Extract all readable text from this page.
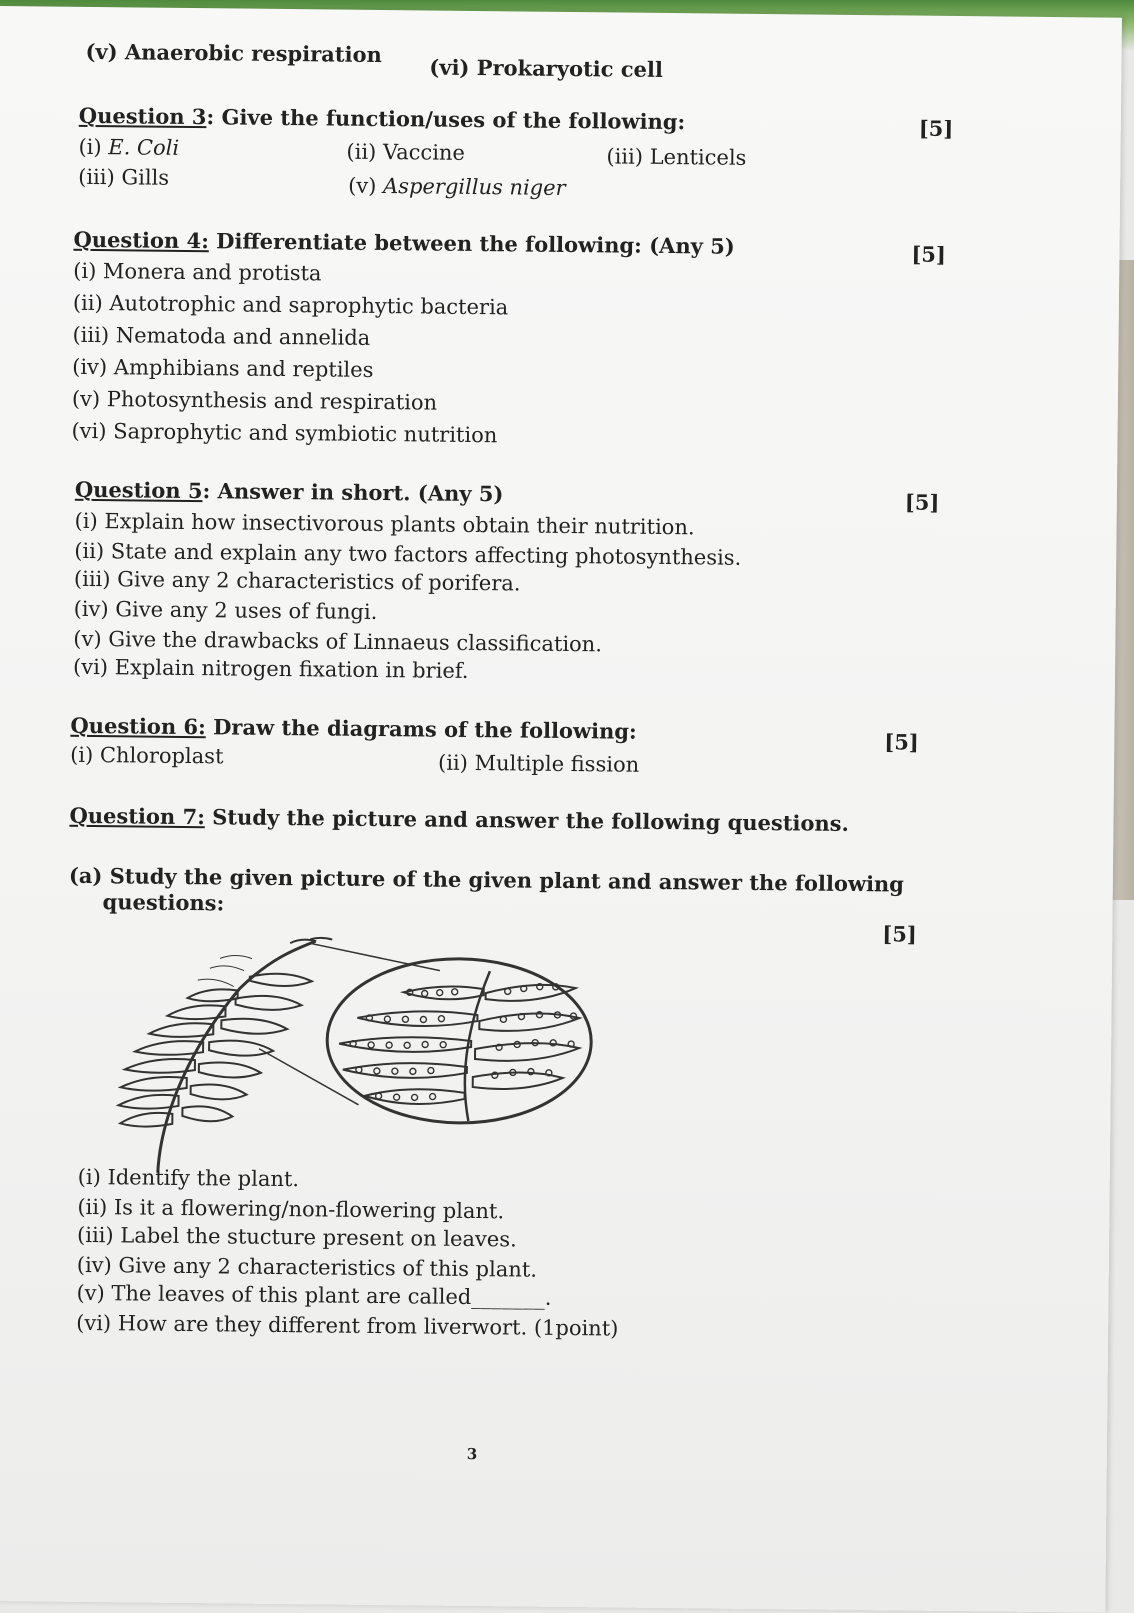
(v) Anaerobic respiration
(vi) Prokaryotic cell
Question 3: Give the function/uses of the following:	[5]
(i) E. Coli	(ii) Vaccine	(iii) Lenticels
(iii) Gills	(v) Aspergillus niger
Question 4: Differentiate between the following: (Any 5)	[5]
(i) Monera and protista
(ii) Autotrophic and saprophytic bacteria
(iii) Nematoda and annelida
(iv) Amphibians and reptiles
(v) Photosynthesis and respiration
(vi) Saprophytic and symbiotic nutrition
Question 5: Answer in short. (Any 5)	[5]
(i) Explain how insectivorous plants obtain their nutrition.
(ii) State and explain any two factors affecting photosynthesis.
(iii) Give any 2 characteristics of porifera.
(iv) Give any 2 uses of fungi.
(v) Give the drawbacks of Linnaeus classification.
(vi) Explain nitrogen fixation in brief.
Question 6: Draw the diagrams of the following:	[5]
(i) Chloroplast	(ii) Multiple fission
Question 7: Study the picture and answer the following questions.
(a) Study the given picture of the given plant and answer the following
questions:
[5]
(i) Identify the plant.
(ii) Is it a flowering/non-flowering plant.
(iii) Label the stucture present on leaves.
(iv) Give any 2 characteristics of this plant.
(v) The leaves of this plant are called_______.
(vi) How are they different from liverwort. (1point)
3
